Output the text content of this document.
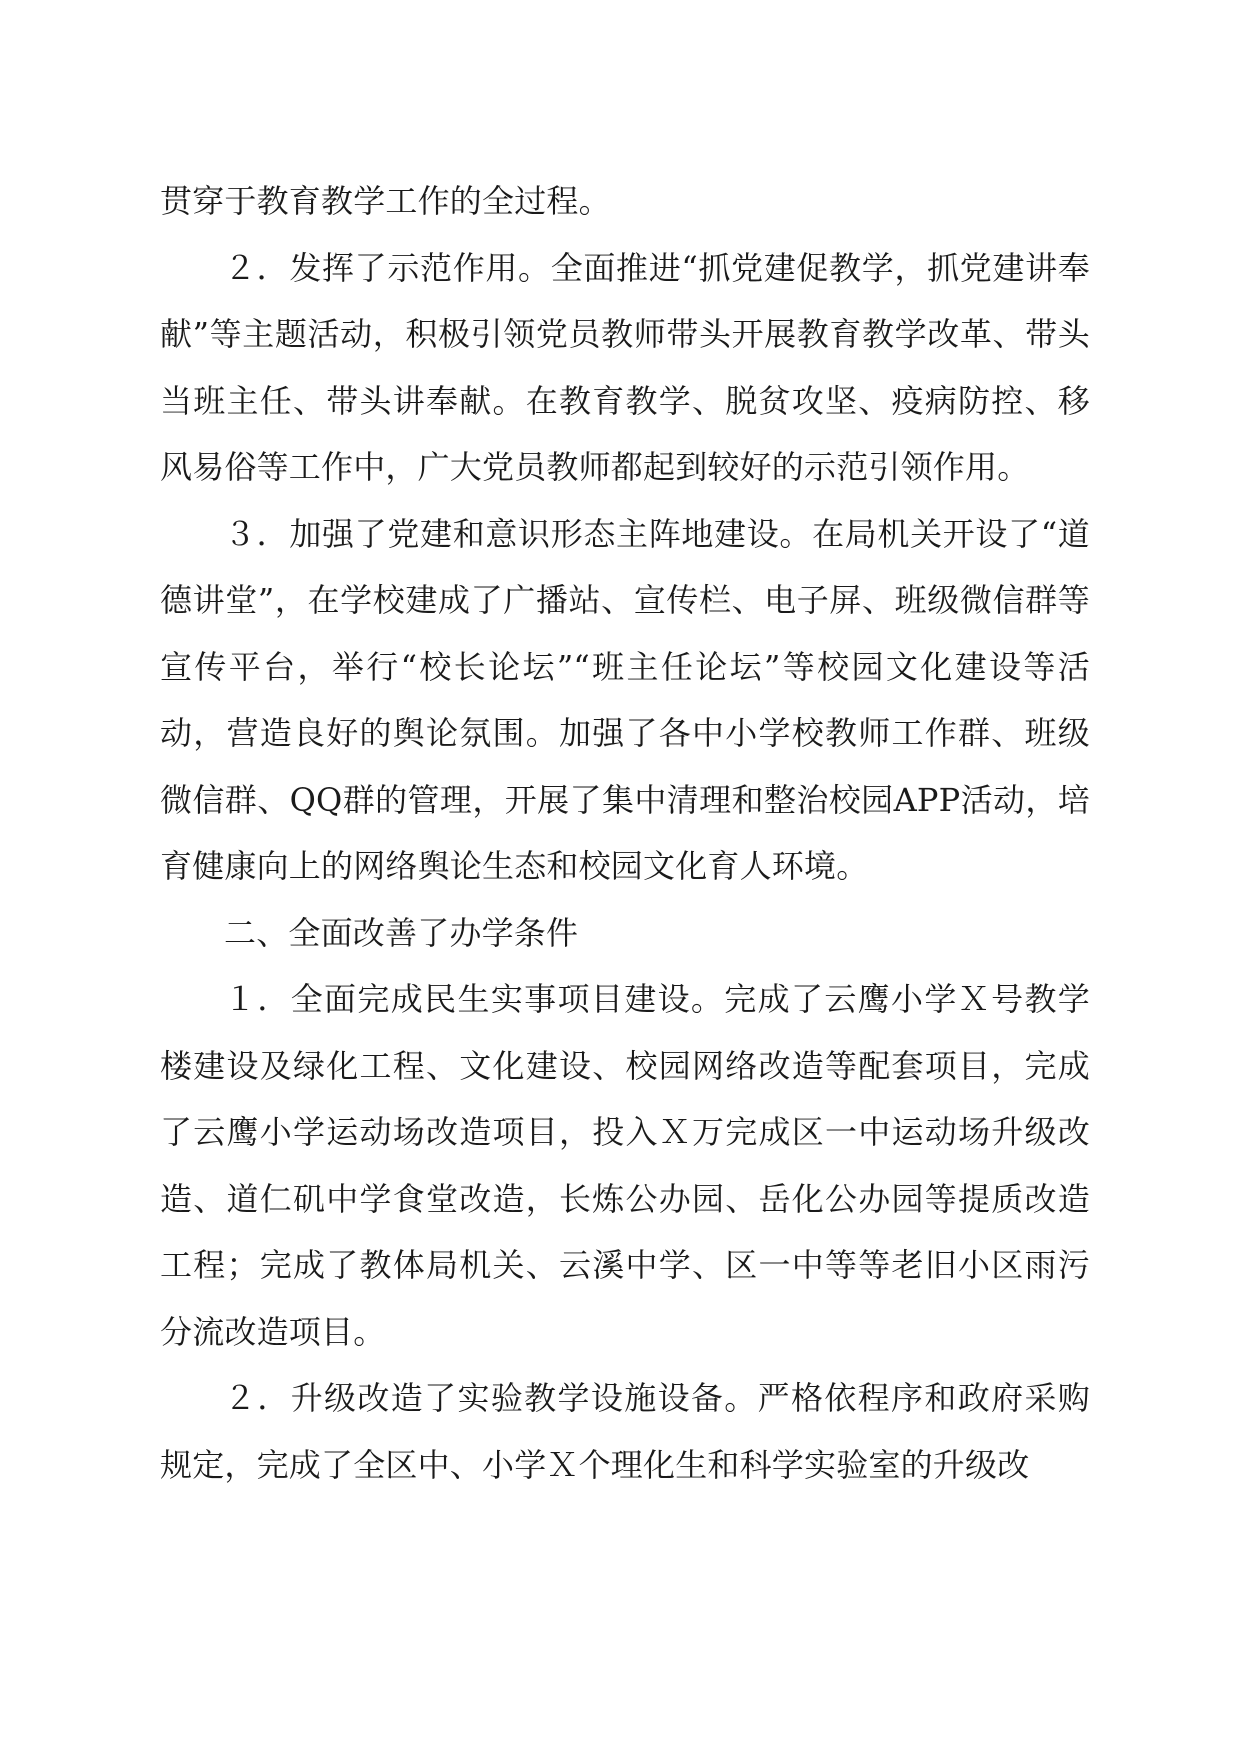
贯穿于教育教学工作的全过程。

２．发挥了示范作用。全面推进“抓党建促教学，抓党建讲奉献”等主题活动，积极引领党员教师带头开展教育教学改革、带头当班主任、带头讲奉献。在教育教学、脱贫攻坚、疫病防控、移风易俗等工作中，广大党员教师都起到较好的示范引领作用。

３．加强了党建和意识形态主阵地建设。在局机关开设了“道德讲堂”，在学校建成了广播站、宣传栏、电子屏、班级微信群等宣传平台，举行“校长论坛”“班主任论坛”等校园文化建设等活动，营造良好的舆论氛围。加强了各中小学校教师工作群、班级微信群、QQ群的管理，开展了集中清理和整治校园APP活动，培育健康向上的网络舆论生态和校园文化育人环境。

二、全面改善了办学条件

１．全面完成民生实事项目建设。完成了云鹰小学Ｘ号教学楼建设及绿化工程、文化建设、校园网络改造等配套项目，完成了云鹰小学运动场改造项目，投入Ｘ万完成区一中运动场升级改造、道仁矶中学食堂改造，长炼公办园、岳化公办园等提质改造工程；完成了教体局机关、云溪中学、区一中等等老旧小区雨污分流改造项目。

２．升级改造了实验教学设施设备。严格依程序和政府采购规定，完成了全区中、小学Ｘ个理化生和科学实验室的升级改
